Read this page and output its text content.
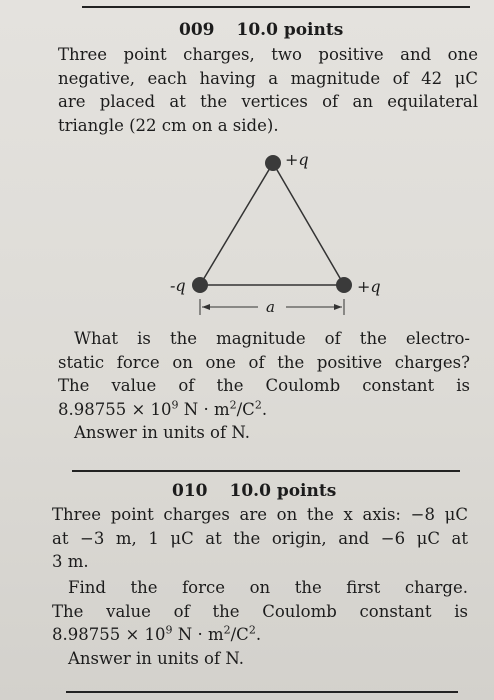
009 10.0 points
Three point charges, two positive and one
negative, each having a magnitude of 42 μC
are placed at the vertices of an equilateral
triangle (22 cm on a side).
+q
-q	+q
a
What is the magnitude of the electro-
static force on one of the positive charges?
The value of the Coulomb constant is
$8.98755 \times 10^9$ $N \cdot m^2/C^2$.
Answer in units of N.
010 10.0 points
Three point charges are on the x axis: −8 μC
at −3 m, 1 μC at the origin, and −6 μC at
3 m.
Find the force on the first charge.
The value of the Coulomb constant is
$8.98755 \times 10^9$ $N \cdot m^2/C^2$.
Answer in units of N.
